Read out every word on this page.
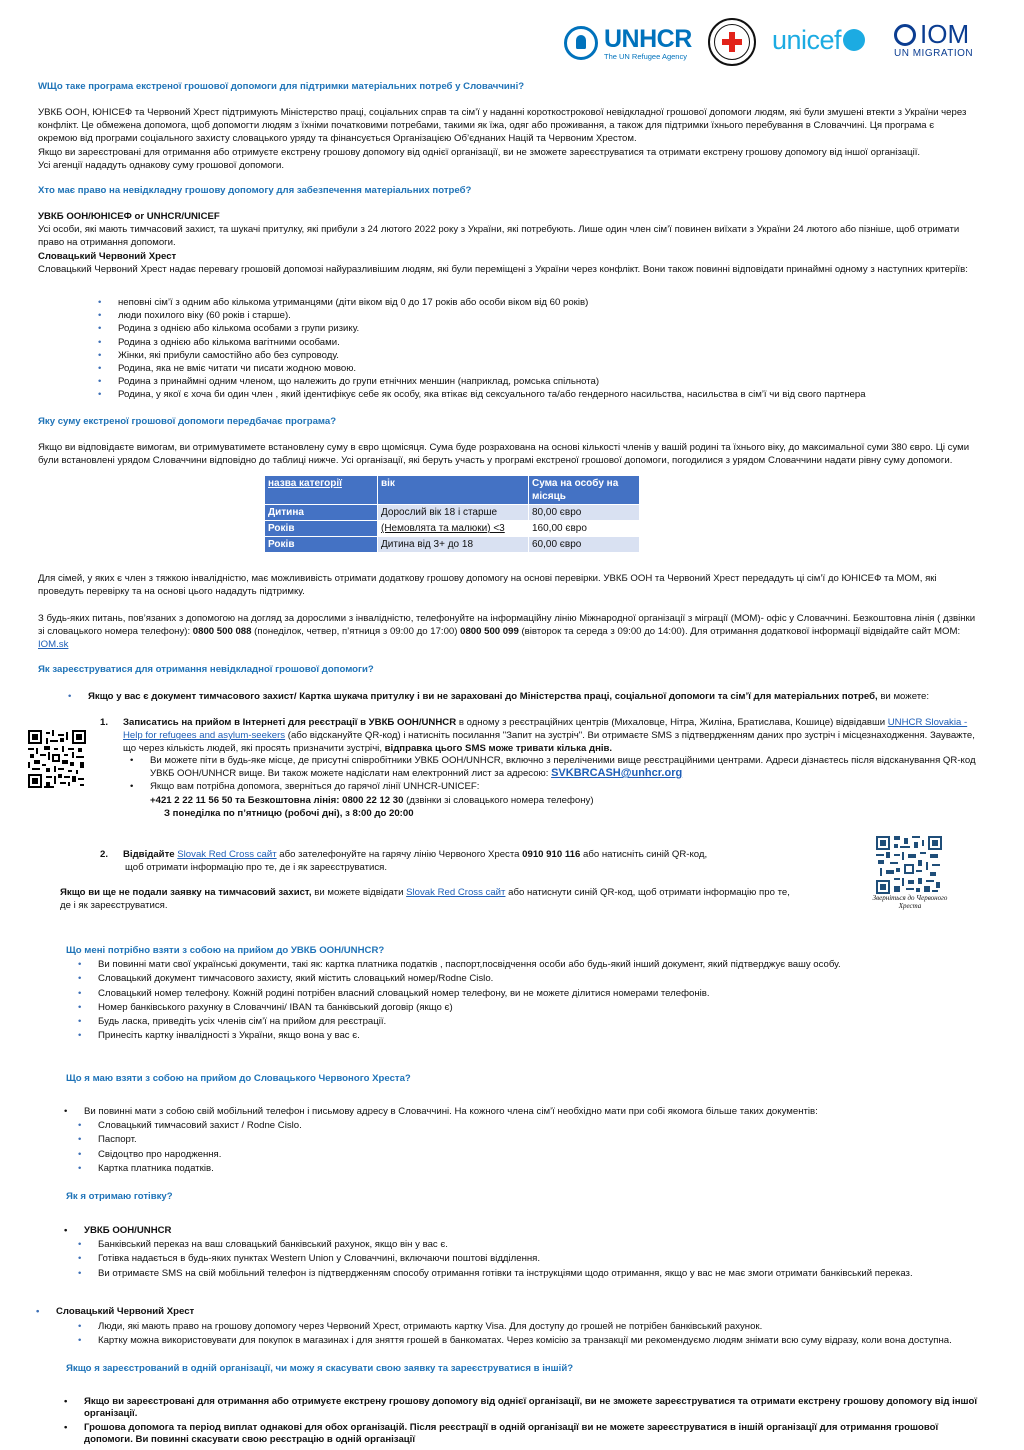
UNHCR
The UN Refugee Agency
unicef	IOM
UN MIGRATION
WЩо таке програма екстреної грошової допомоги для підтримки матеріальних потреб у Словаччині?

УВКБ ООН, ЮНІСЕФ та Червоний Хрест підтримують Міністерство праці, соціальних справ та сім’ї у наданні короткострокової невідкладної грошової допомоги людям, які були змушені втекти з України через конфлікт. Це обмежена допомога, щоб допомогти людям з їхніми початковими потребами, такими як їжа, одяг або проживання, а також для підтримки їхнього перебування в Словаччині. Ця програма є окремою від програми соціального захисту словацького уряду та фінансується Організацією Об’єднаних Націй та Червоним Хрестом.

Якщо ви зареєстровані для отримання або отримуєте екстрену грошову допомогу від однієї організації, ви не зможете зареєструватися та отримати екстрену грошову допомогу від іншої організації.

Усі агенції нададуть однакову суму грошової допомоги.

Хто має право на невідкладну грошову допомогу для забезпечення матеріальних потреб?

УВКБ ООН/ЮНІСЕФ or UNHCR/UNICEF

Усі особи, які мають тимчасовий захист, та шукачі притулку, які прибули з 24 лютого 2022 року з України, які потребують. Лише один член сім’ї повинен виїхати з України 24 лютого або пізніше, щоб отримати право на отримання допомоги.

Словацький Червоний Хрест

Словацький Червоний Хрест надає перевагу грошовій допомозі найуразливішим людям, які були переміщені з України через конфлікт. Вони також повинні відповідати принаймні одному з наступних критеріїв:

• неповні сім’ї з одним або кількома утриманцями (діти віком від 0 до 17 років або особи віком від 60 років)
• люди похилого віку (60 років і старше).
• Родина з однією або кількома особами з групи ризику.
• Родина з однією або кількома вагітними особами.
• Жінки, які прибули самостійно або без супроводу.
• Родина, яка не вміє читати чи писати жодною мовою.
• Родина з принаймні одним членом, що належить до групи етнічних меншин (наприклад, ромська спільнота)
• Родина, у якої є хоча би один член , який ідентифікує себе як особу, яка втікає від сексуального та/або гендерного насильства, насильства в сім’ї чи від свого партнера
Яку суму екстреної грошової допомоги передбачає програма?
Якщо ви відповідаєте вимогам, ви отримуватимете встановлену суму в євро щомісяця. Сума буде розрахована на основі кількості членів у вашій родині та їхнього віку, до максимальної суми 380 євро. Ці суми були встановлені урядом Словаччини відповідно до таблиці нижче. Усі організації, які беруть участь у програмі екстреної грошової допомоги, погодилися з урядом Словаччини надати рівну суму допомоги.
назва категорії	вік	Сума на особу на місяць
Дитина	Дорослий вік 18 і старше	80,00 євро
Років	(Немовлята та малюки) <3	160,00 євро
Років	Дитина від 3+ до 18	60,00 євро
Для сімей, у яких є член з тяжкою інвалідністю, має можлививість отримати додаткову грошову допомогу на основі перевірки. УВКБ ООН та Червоний Хрест передадуть ці сім’ї до ЮНІСЕФ та МОМ, які проведуть перевірку та на основі цього нададуть підтримку.
З будь-яких питань, пов’язаних з допомогою на догляд за дорослими з інвалідністю, телефонуйте на інформаційну лінію Міжнародної організації з міграції (МОМ)- офіс у Словаччині. Безкоштовна лінія ( дзвінки зі словацького номера телефону): 0800 500 088 (понеділок, четвер, п’ятниця з 09:00 до 17:00) 0800 500 099 (вівторок та середа з 09:00 до 14:00). Для отримання додаткової інформації відвідайте сайт МОМ: IOM.sk
Як зареєструватися для отримання невідкладної грошової допомоги?
• Якщо у вас є документ тимчасового захист/ Картка шукача притулку і ви не зараховані до Міністерства праці, соціальної допомоги та сім’ї для матеріальних потреб, ви можете:
1. Записатись на прийом в Інтернеті для реєстрації в УВКБ ООН/UNHCR в одному з реєстраційних центрів (Михаловце, Нітра, Жиліна, Братислава, Кошице) відвідавши UNHCR Slovakia - Help for refugees and asylum-seekers (або відскануйте QR-код) і натисніть посилання "Запит на зустріч". Ви отримаєте SMS з підтвердженням даних про зустріч і місцезнаходження. Зауважте, що через кількість людей, які просять призначити зустрічі, відправка цього SMS може тривати кілька днів.
• Ви можете піти в будь-яке місце, де присутні співробітники УВКБ ООН/UNHCR, включно з переліченими вище реєстраційними центрами. Адреси дізнаєтесь після відсканування QR-код УВКБ ООН/UNHCR вище. Ви також можете надіслати нам електронний лист за адресою: SVKBRCASH@unhcr.org
• Якщо вам потрібна допомога, зверніться до гарячої лінії UNHCR-UNICEF:
+421 2 22 11 56 50 та Безкоштовна лінія: 0800 22 12 30 (дзвінки зі словацького номера телефону)
З понеділка по п’ятницю (робочі дні), з 8:00 до 20:00
2. Відвідайте Slovak Red Cross сайт або зателефонуйте на гарячу лінію Червоного Хреста 0910 910 116 або натисніть синій QR-код,
щоб отримати інформацію про те, де і як зареєструватися.
Якщо ви ще не подали заявку на тимчасовий захист, ви можете відвідати Slovak Red Cross сайт або натиснути синій QR-код, щоб отримати інформацію про те,
де і як зареєструватися.
Зверніться до Червоного Хреста
Що мені потрібно взяти з собою на прийом до УВКБ ООН/UNHCR?
• Ви повинні мати свої українські документи, такі як: картка платника податків , паспорт,посвідчення особи або будь-який інший документ, який підтверджує вашу особу.
• Словацький документ тимчасового захисту, який містить словацький номер/Rodne Cislo.
• Словацький номер телефону. Кожній родині потрібен власний словацький номер телефону, ви не можете ділитися номерами телефонів.
• Номер банківського рахунку в Словаччині/ IBAN та банківський договір (якщо є)
• Будь ласка, приведіть усіх членів сім’ї на прийом для реєстрації.
• Принесіть картку інвалідності з України, якщо вона у вас є.
Що я маю взяти з собою на прийом до Словацького Червоного Хреста?
• Ви повинні мати з собою свій мобільний телефон і письмову адресу в Словаччині. На кожного члена сім’ї необхідно мати при собі якомога більше таких документів:
• Словацький тимчасовий захист / Rodne Cislo.
• Паспорт.
• Свідоцтво про народження.
• Картка платника податків.
Як я отримаю готівку?
• УВКБ ООН/UNHCR
• Банківський переказ на ваш словацький банківський рахунок, якщо він у вас є.
• Готівка надається в будь-яких пунктах Western Union у Словаччині, включаючи поштові відділення.
• Ви отримаєте SMS на свій мобільний телефон із підтвердженням способу отримання готівки та інструкціями щодо отримання, якщо у вас не має змоги отримати банківський переказ.
• Словацький Червоний Хрест
• Люди, які мають право на грошову допомогу через Червоний Хрест, отримають картку Visa. Для доступу до грошей не потрібен банківський рахунок.
• Картку можна використовувати для покупок в магазинах і для зняття грошей в банкоматах. Через комісію за транзакції ми рекомендуємо людям знімати всю суму відразу, коли вона доступна.
Якщо я зареєстрований в одній організації, чи можу я скасувати свою заявку та зареєструватися в іншій?
• Якщо ви зареєстровані для отримання або отримуєте екстрену грошову допомогу від однієї організації, ви не зможете зареєструватися та отримати екстрену грошову допомогу від іншої організації.
• Грошова допомога та період виплат однакові для обох організацій. Після реєстрації в одній організації ви не можете зареєструватися в іншій організації для отримання грошової допомоги. Ви повинні скасувати свою реєстрацію в одній організації
